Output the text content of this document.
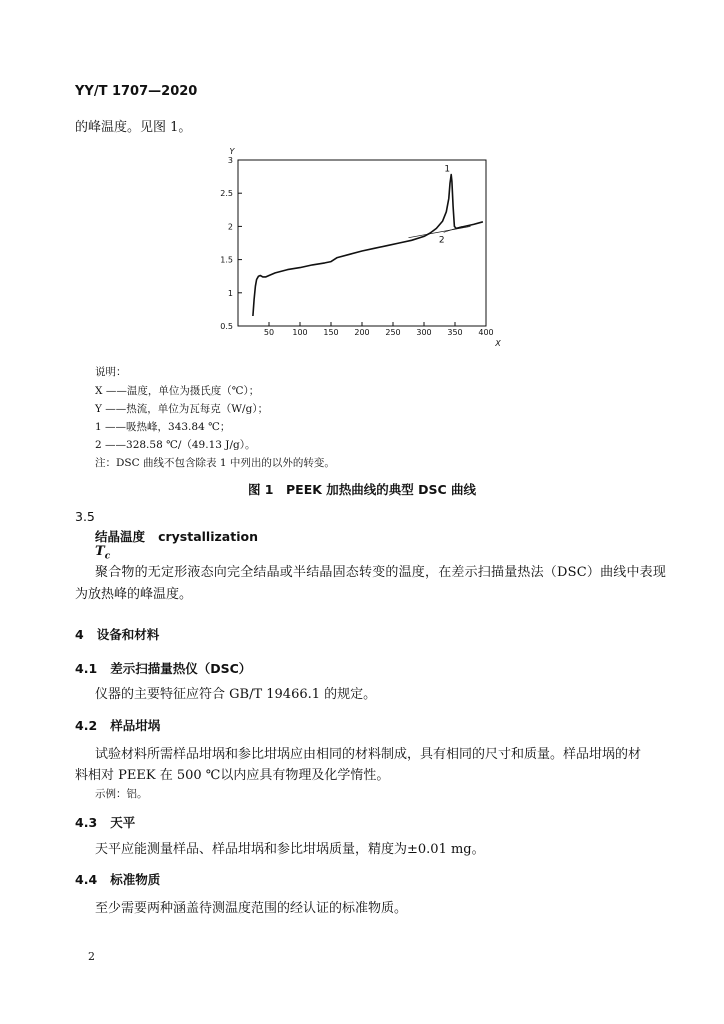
YY/T 1707—2020
的峰温度。见图 1。
0.5
1
1.5
2
2.5
3
50 100 150 200 250 300 350 400
Y
X
1
2
说明：
X ——温度，单位为摄氏度（℃）；
Y ——热流，单位为瓦每克（W/g）；
1 ——吸热峰，343.84 ℃；
2 ——328.58 ℃/（49.13 J/g）。
注：DSC 曲线不包含除表 1 中列出的以外的转变。
图 1　PEEK 加热曲线的典型 DSC 曲线
3.5
结晶温度 crystallization
$T_c$
聚合物的无定形液态向完全结晶或半结晶固态转变的温度，在差示扫描量热法（DSC）曲线中表现
为放热峰的峰温度。
4 设备和材料
4.1 差示扫描量热仪（DSC）
仪器的主要特征应符合 GB/T 19466.1 的规定。
4.2 样品坩埚
试验材料所需样品坩埚和参比坩埚应由相同的材料制成，具有相同的尺寸和质量。样品坩埚的材
料相对 PEEK 在 500 ℃以内应具有物理及化学惰性。
示例：铝。
4.3 天平
天平应能测量样品、样品坩埚和参比坩埚质量，精度为±0.01 mg。
4.4 标准物质
至少需要两种涵盖待测温度范围的经认证的标准物质。
2
